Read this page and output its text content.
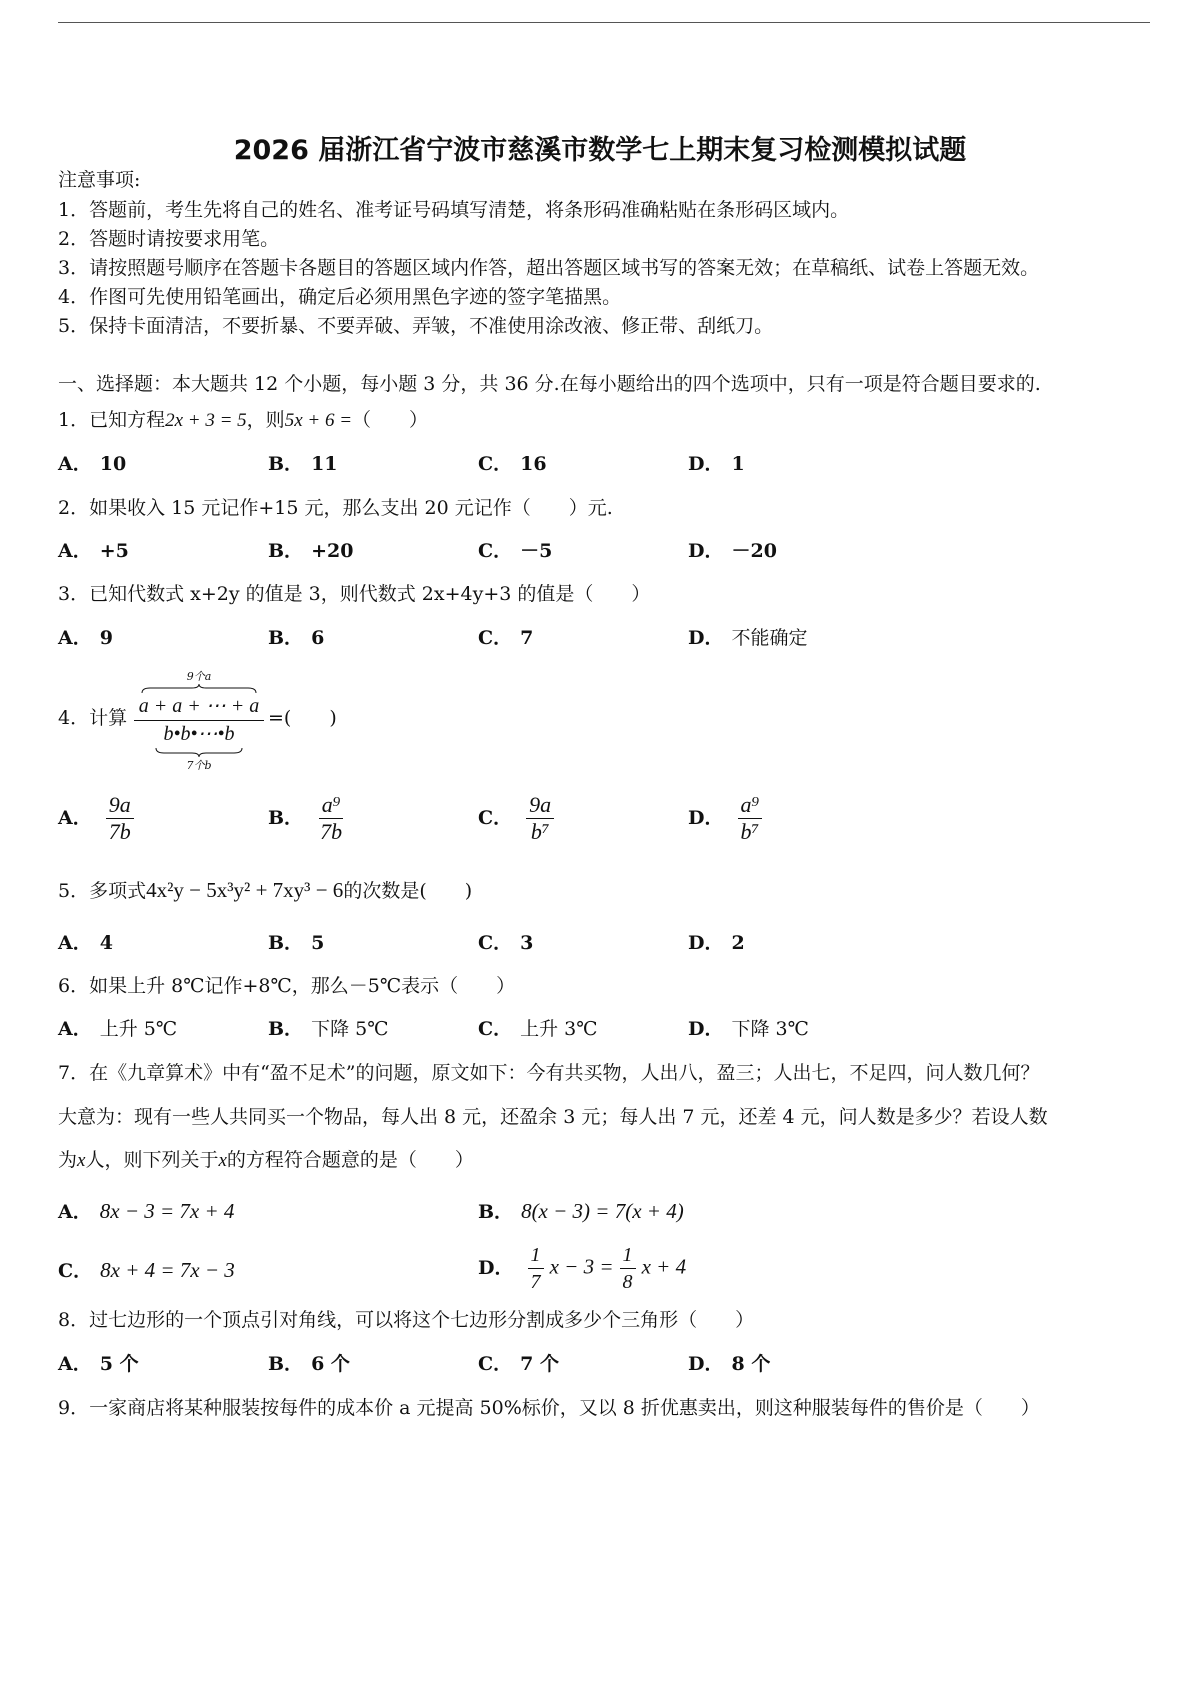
2026 届浙江省宁波市慈溪市数学七上期末复习检测模拟试题
注意事项:
1．答题前，考生先将自己的姓名、准考证号码填写清楚，将条形码准确粘贴在条形码区域内。
2．答题时请按要求用笔。
3．请按照题号顺序在答题卡各题目的答题区域内作答，超出答题区域书写的答案无效；在草稿纸、试卷上答题无效。
4．作图可先使用铅笔画出，确定后必须用黑色字迹的签字笔描黑。
5．保持卡面清洁，不要折暴、不要弄破、弄皱，不准使用涂改液、修正带、刮纸刀。
一、选择题：本大题共 12 个小题，每小题 3 分，共 36 分.在每小题给出的四个选项中，只有一项是符合题目要求的.
1．已知方程2x + 3 = 5，则5x + 6 =（　　）
A． 10	B． 11	C． 16	D． 1
2．如果收入 15 元记作+15 元，那么支出 20 元记作（　　）元.
A． +5	B． +20	C． －5	D． －20
3．已知代数式 x+2y 的值是 3，则代数式 2x+4y+3 的值是（　　）
A． 9	B． 6	C． 7	D． 不能确定
4．计算
9个a
a + a + ⋯ + a
b•b•⋯•b
7个b
=(　　)
A． $\frac{9a}{7b}$	B． $\frac{\text{a⁹}}{7b}$	C． $\frac{9a}{\text{b⁷}}$	D． $\frac{\text{a⁹}}{\text{b⁷}}$
5．多项式4x²y − 5x³y² + 7xy³ − 6的次数是(　　)
A． 4	B． 5	C． 3	D． 2
6．如果上升 8℃记作+8℃，那么－5℃表示（　　）
A． 上升 5℃	B． 下降 5℃	C． 上升 3℃	D． 下降 3℃
7．在《九章算术》中有“盈不足术”的问题，原文如下：今有共买物，人出八，盈三；人出七，不足四，问人数几何？
大意为：现有一些人共同买一个物品，每人出 8 元，还盈余 3 元；每人出 7 元，还差 4 元，问人数是多少？若设人数
为x人，则下列关于x的方程符合题意的是（　　）
A． 8x − 3 = 7x + 4	B． 8(x − 3) = 7(x + 4)
C． 8x + 4 = 7x − 3	D． $\frac{1}{7}$ $x - 3 = \frac{1}{8}$ x + 4
8．过七边形的一个顶点引对角线，可以将这个七边形分割成多少个三角形（　　）
A． 5 个	B． 6 个	C． 7 个	D． 8 个
9．一家商店将某种服装按每件的成本价 a 元提高 50%标价，又以 8 折优惠卖出，则这种服装每件的售价是（　　）
